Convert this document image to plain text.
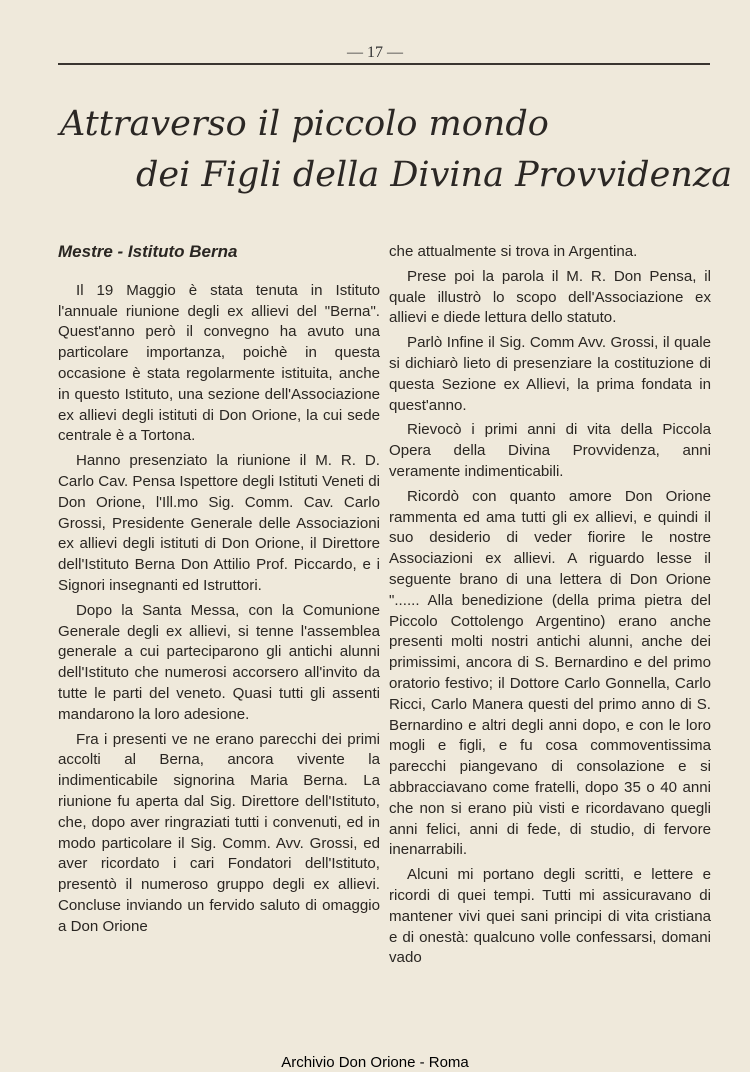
— 17 —
Attraverso il piccolo mondo
dei Figli della Divina Provvidenza
Mestre - Istituto Berna

Il 19 Maggio è stata tenuta in Istituto l'annuale riunione degli ex allievi del "Berna". Quest'anno però il convegno ha avuto una particolare importanza, poichè in questa occasione è stata regolarmente istituita, anche in questo Istituto, una sezione dell'Associazione ex allievi degli istituti di Don Orione, la cui sede centrale è a Tortona.

Hanno presenziato la riunione il M. R. D. Carlo Cav. Pensa Ispettore degli Istituti Veneti di Don Orione, l'Ill.mo Sig. Comm. Cav. Carlo Grossi, Presidente Generale delle Associazioni ex allievi degli istituti di Don Orione, il Direttore dell'Istituto Berna Don Attilio Prof. Piccardo, e i Signori insegnanti ed Istruttori.

Dopo la Santa Messa, con la Comunione Generale degli ex allievi, si tenne l'assemblea generale a cui parteciparono gli antichi alunni dell'Istituto che numerosi accorsero all'invito da tutte le parti del veneto. Quasi tutti gli assenti mandarono la loro adesione.

Fra i presenti ve ne erano parecchi dei primi accolti al Berna, ancora vivente la indimenticabile signorina Maria Berna. La riunione fu aperta dal Sig. Direttore dell'Istituto, che, dopo aver ringraziati tutti i convenuti, ed in modo particolare il Sig. Comm. Avv. Grossi, ed aver ricordato i cari Fondatori dell'Istituto, presentò il numeroso gruppo degli ex allievi. Concluse inviando un fervido saluto di omaggio a Don Orione

che attualmente si trova in Argentina.

Prese poi la parola il M. R. Don Pensa, il quale illustrò lo scopo dell'Associazione ex allievi e diede lettura dello statuto.

Parlò Infine il Sig. Comm Avv. Grossi, il quale si dichiarò lieto di presenziare la costituzione di questa Sezione ex Allievi, la prima fondata in quest'anno.

Rievocò i primi anni di vita della Piccola Opera della Divina Provvidenza, anni veramente indimenticabili.

Ricordò con quanto amore Don Orione rammenta ed ama tutti gli ex allievi, e quindi il suo desiderio di veder fiorire le nostre Associazioni ex allievi. A riguardo lesse il seguente brano di una lettera di Don Orione "...... Alla benedizione (della prima pietra del Piccolo Cottolengo Argentino) erano anche presenti molti nostri antichi alunni, anche dei primissimi, ancora di S. Bernardino e del primo oratorio festivo; il Dottore Carlo Gonnella, Carlo Ricci, Carlo Manera questi del primo anno di S. Bernardino e altri degli anni dopo, e con le loro mogli e figli, e fu cosa commoventissima parecchi piangevano di consolazione e si abbracciavano come fratelli, dopo 35 o 40 anni che non si erano più visti e ricordavano quegli anni felici, anni di fede, di studio, di fervore inenarrabili.

Alcuni mi portano degli scritti, e lettere e ricordi di quei tempi. Tutti mi assicuravano di mantener vivi quei sani principi di vita cristiana e di onestà: qualcuno volle confessarsi, domani vado

Archivio Don Orione - Roma
